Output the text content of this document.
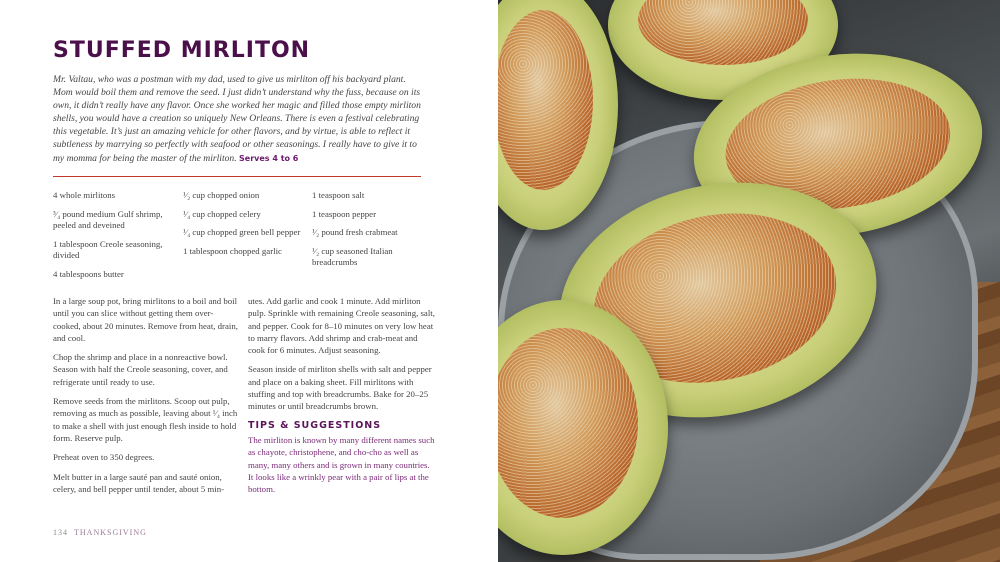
STUFFED MIRLITON

Mr. Valtau, who was a postman with my dad, used to give us mirliton off his backyard plant. Mom would boil them and remove the seed. I just didn’t understand why the fuss, because on its own, it didn’t really have any flavor. Once she worked her magic and filled those empty mirliton shells, you would have a creation so uniquely New Orleans. There is even a festival celebrating this vegetable. It’s just an amazing vehicle for other flavors, and by virtue, is able to reflect it subtleness by marrying so perfectly with seafood or other seasonings. I really have to give it to my momma for being the master of the mirliton. Serves 4 to 6

4 whole mirlitons
³⁄₄ pound medium Gulf shrimp, peeled and deveined
1 tablespoon Creole seasoning, divided
4 tablespoons butter
¹⁄₂ cup chopped onion
¹⁄₄ cup chopped celery
¹⁄₄ cup chopped green bell pepper
1 tablespoon chopped garlic
1 teaspoon salt
1 teaspoon pepper
¹⁄₂ pound fresh crabmeat
¹⁄₂ cup seasoned Italian breadcrumbs

In a large soup pot, bring mirlitons to a boil and boil until you can slice without getting them over-cooked, about 20 minutes. Remove from heat, drain, and cool.

Chop the shrimp and place in a nonreactive bowl. Season with half the Creole seasoning, cover, and refrigerate until ready to use.

Remove seeds from the mirlitons. Scoop out pulp, removing as much as possible, leaving about ¹⁄₄ inch to make a shell with just enough flesh inside to hold form. Reserve pulp.

Preheat oven to 350 degrees.

Melt butter in a large sauté pan and sauté onion, celery, and bell pepper until tender, about 5 min-utes. Add garlic and cook 1 minute. Add mirliton pulp. Sprinkle with remaining Creole seasoning, salt, and pepper. Cook for 8–10 minutes on very low heat to marry flavors. Add shrimp and crab-meat and cook for 6 minutes. Adjust seasoning.

Season inside of mirliton shells with salt and pepper and place on a baking sheet. Fill mirlitons with stuffing and top with breadcrumbs. Bake for 20–25 minutes or until breadcrumbs brown.

TIPS & SUGGESTIONS

The mirliton is known by many different names such as chayote, christophene, and cho-cho as well as many, many others and is grown in many countries. It looks like a wrinkly pear with a pair of lips at the bottom.

134 THANKSGIVING
